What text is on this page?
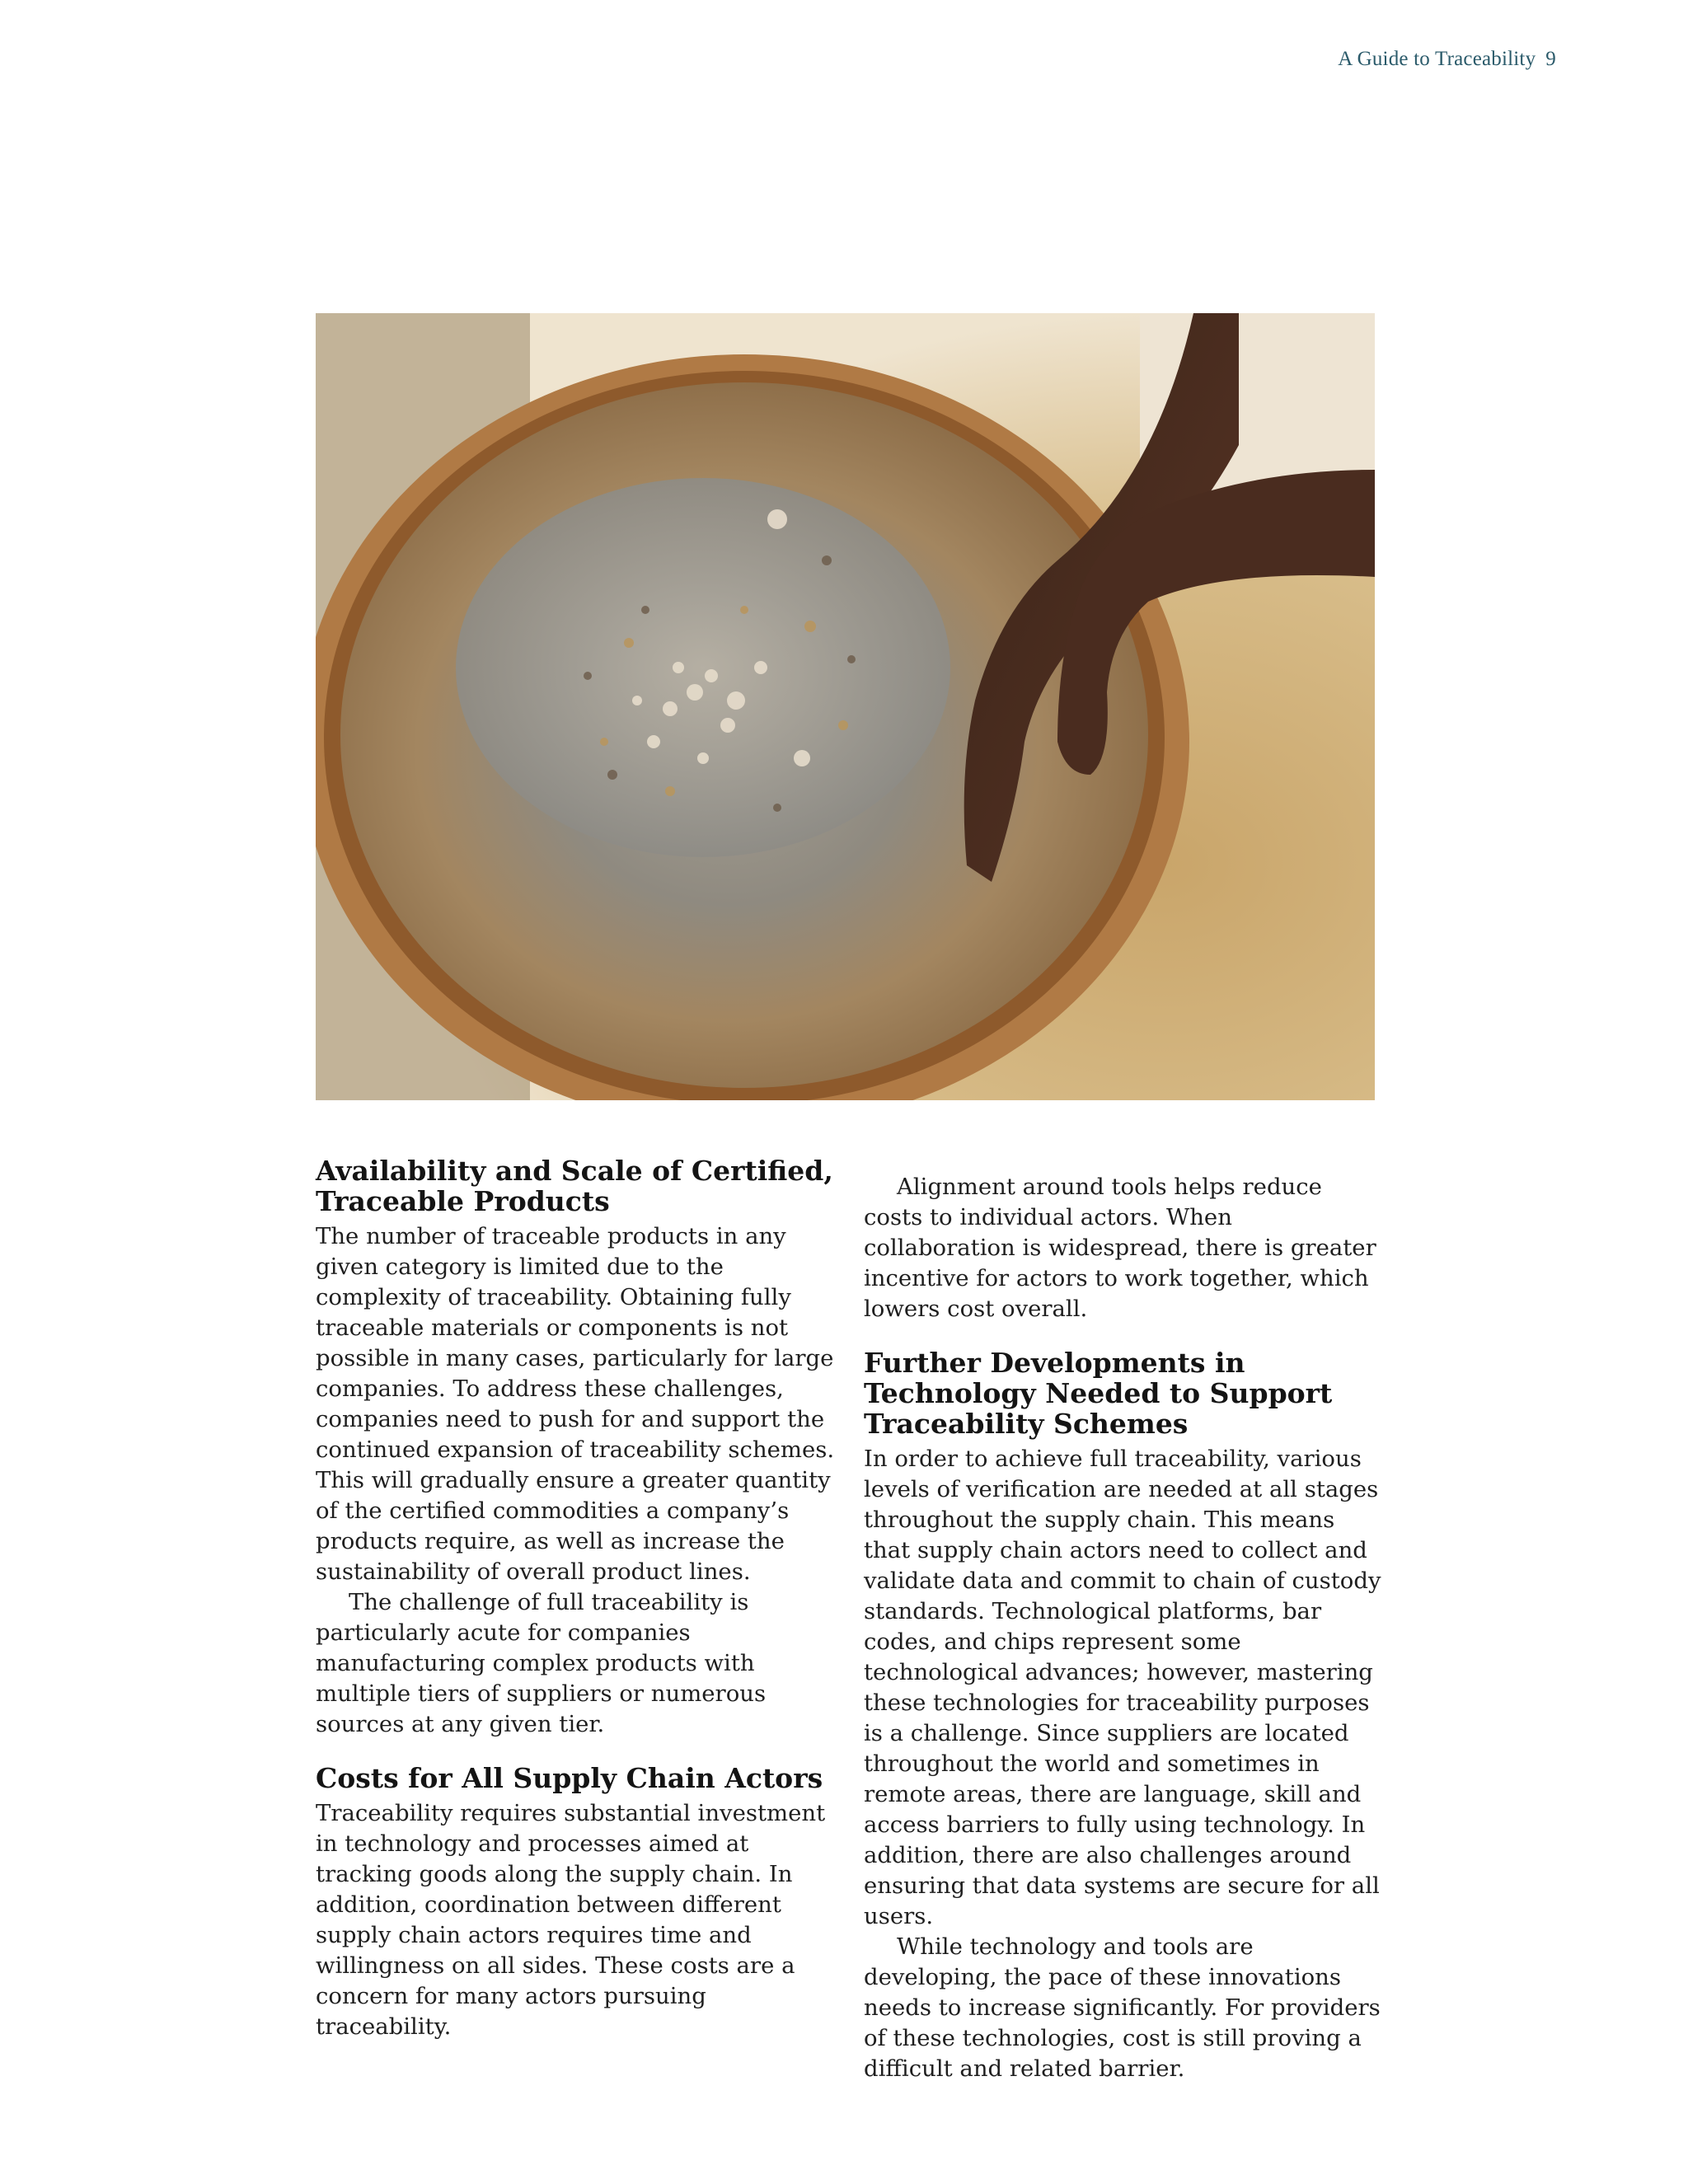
A Guide to Traceability 9
Availability and Scale of Certified, Traceable Products

The number of traceable products in any given category is limited due to the complexity of traceability. Obtaining fully traceable materials or components is not possible in many cases, particularly for large companies. To address these challenges, companies need to push for and support the continued expansion of traceability schemes. This will gradually ensure a greater quantity of the certified commodities a company’s products require, as well as increase the sustainability of overall product lines.

The challenge of full traceability is particularly acute for companies manufacturing complex products with multiple tiers of suppliers or numerous sources at any given tier.

Costs for All Supply Chain Actors

Traceability requires substantial investment in technology and processes aimed at tracking goods along the supply chain. In addition, coordination between different supply chain actors requires time and willingness on all sides. These costs are a concern for many actors pursuing traceability.

Alignment around tools helps reduce costs to individual actors. When collaboration is widespread, there is greater incentive for actors to work together, which lowers cost overall.

Further Developments in Technology Needed to Support Traceability Schemes

In order to achieve full traceability, various levels of verification are needed at all stages throughout the supply chain. This means that supply chain actors need to collect and validate data and commit to chain of custody standards. Technological platforms, bar codes, and chips represent some technological advances; however, mastering these technologies for traceability purposes is a challenge. Since suppliers are located throughout the world and sometimes in remote areas, there are language, skill and access barriers to fully using technology. In addition, there are also challenges around ensuring that data systems are secure for all users.

While technology and tools are developing, the pace of these innovations needs to increase significantly. For providers of these technologies, cost is still proving a difficult and related barrier.
